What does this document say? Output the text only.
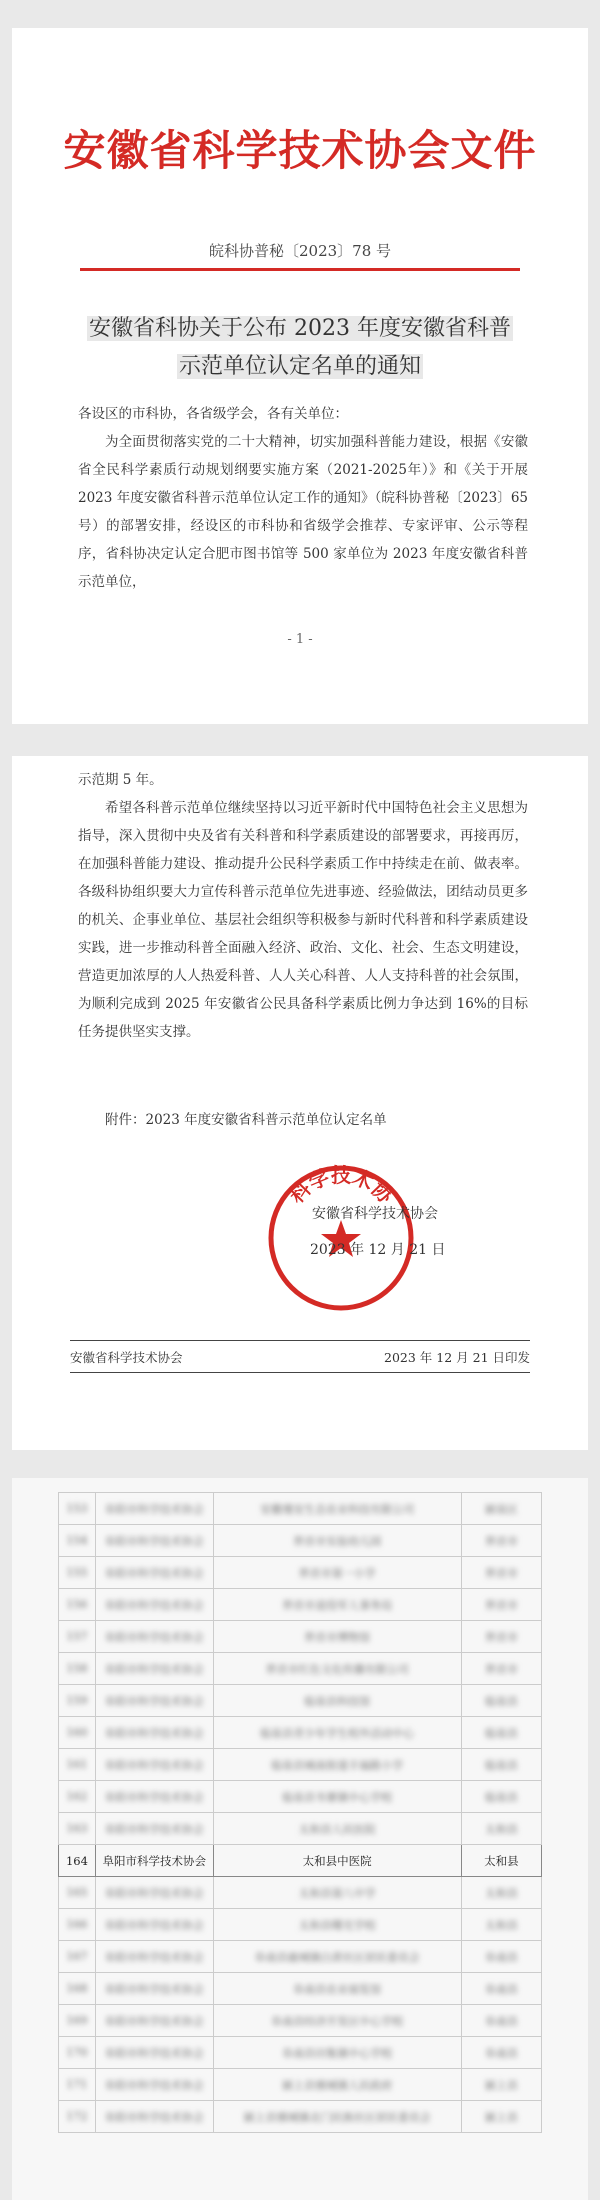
安徽省科学技术协会文件
皖科协普秘〔2023〕78 号
安徽省科协关于公布 2023 年度安徽省科普
示范单位认定名单的通知
各设区的市科协，各省级学会，各有关单位：
为全面贯彻落实党的二十大精神，切实加强科普能力建设，根据《安徽省全民科学素质行动规划纲要实施方案（2021-2025年）》和《关于开展 2023 年度安徽省科普示范单位认定工作的通知》（皖科协普秘〔2023〕65 号）的部署安排，经设区的市科协和省级学会推荐、专家评审、公示等程序，省科协决定认定合肥市图书馆等 500 家单位为 2023 年度安徽省科普示范单位，
- 1 -
示范期 5 年。
希望各科普示范单位继续坚持以习近平新时代中国特色社会主义思想为指导，深入贯彻中央及省有关科普和科学素质建设的部署要求，再接再厉，在加强科普能力建设、推动提升公民科学素质工作中持续走在前、做表率。各级科协组织要大力宣传科普示范单位先进事迹、经验做法，团结动员更多的机关、企事业单位、基层社会组织等积极参与新时代科普和科学素质建设实践，进一步推动科普全面融入经济、政治、文化、社会、生态文明建设，营造更加浓厚的人人热爱科普、人人关心科普、人人支持科普的社会氛围，为顺利完成到 2025 年安徽省公民具备科学素质比例力争达到 16%的目标任务提供坚实支撑。
附件：2023 年度安徽省科普示范单位认定名单
科学技术协
安徽省科学技术协会
2023 年 12 月 21 日
安徽省科学技术协会	2023 年 12 月 21 日印发
153	阜阳市科学技术协会	安徽瑾安生态农业科技有限公司	颍泉区
154	阜阳市科学技术协会	界首市实验幼儿园	界首市
155	阜阳市科学技术协会	界首市第一小学	界首市
156	阜阳市科学技术协会	界首市退役军人事务局	界首市
157	阜阳市科学技术协会	界首市博物馆	界首市
158	阜阳市科学技术协会	界首市红色文化传播有限公司	界首市
159	阜阳市科学技术协会	临泉县科技馆	临泉县
160	阜阳市科学技术协会	临泉县青少年学生校外活动中心	临泉县
161	阜阳市科学技术协会	临泉县城南街道丰福路小学	临泉县
162	阜阳市科学技术协会	临泉县韦寨镇中心学校	临泉县
163	阜阳市科学技术协会	太和县人民医院	太和县
164	阜阳市科学技术协会	太和县中医院	太和县
165	阜阳市科学技术协会	太和县第八中学	太和县
166	阜阳市科学技术协会	太和县曙光学校	太和县
167	阜阳市科学技术协会	阜南县鹿城镇白黄社区居民委员会	阜南县
168	阜阳市科学技术协会	阜南县农业展览馆	阜南县
169	阜阳市科学技术协会	阜南县经济开发区中心学校	阜南县
170	阜阳市科学技术协会	阜南县田集镇中心学校	阜南县
171	阜阳市科学技术协会	颍上县慎城镇人民政府	颍上县
172	阜阳市科学技术协会	颍上县慎城镇北门民族社区居民委员会	颍上县
